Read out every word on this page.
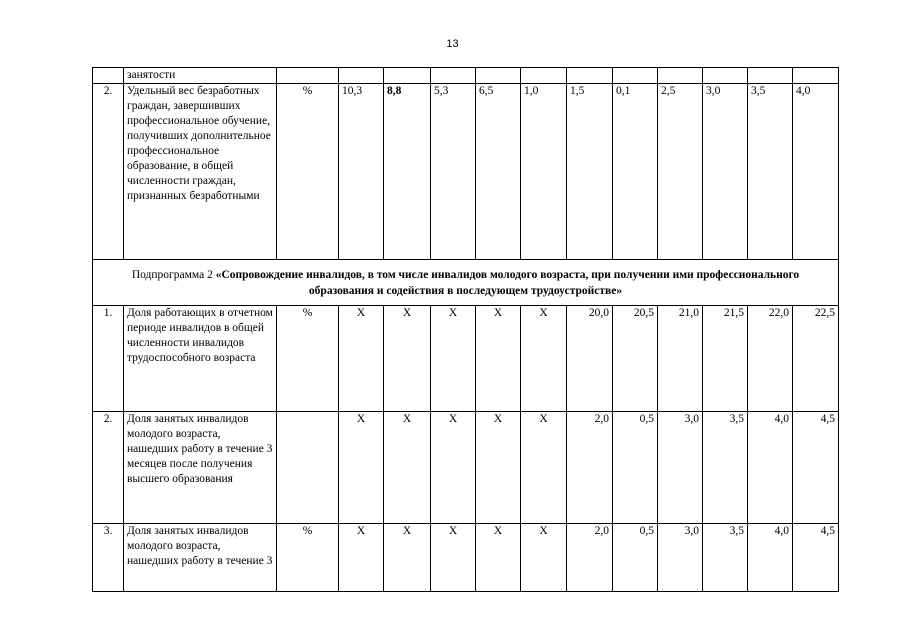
13
	занятости												
2.	Удельный вес безработных граждан, завершивших профессиональное обучение, получивших дополнительное профессиональное образование, в общей численности граждан, признанных безработными	%	10,3	8,8	5,3	6,5	1,0	1,5	0,1	2,5	3,0	3,5	4,0
Подпрограмма 2 «Сопровождение инвалидов, в том числе инвалидов молодого возраста, при получении ими профессионального образования и содействия в последующем трудоустройстве»													
1.	Доля работающих в отчетном периоде инвалидов в общей численности инвалидов трудоспособного возраста	%	Х	Х	Х	Х	Х	20,0	20,5	21,0	21,5	22,0	22,5
2.	Доля занятых инвалидов молодого возраста, нашедших работу в течение 3 месяцев после получения высшего образования		Х	Х	Х	Х	Х	2,0	0,5	3,0	3,5	4,0	4,5
3.	Доля занятых инвалидов молодого возраста, нашедших работу в течение 3	%	Х	Х	Х	Х	Х	2,0	0,5	3,0	3,5	4,0	4,5
